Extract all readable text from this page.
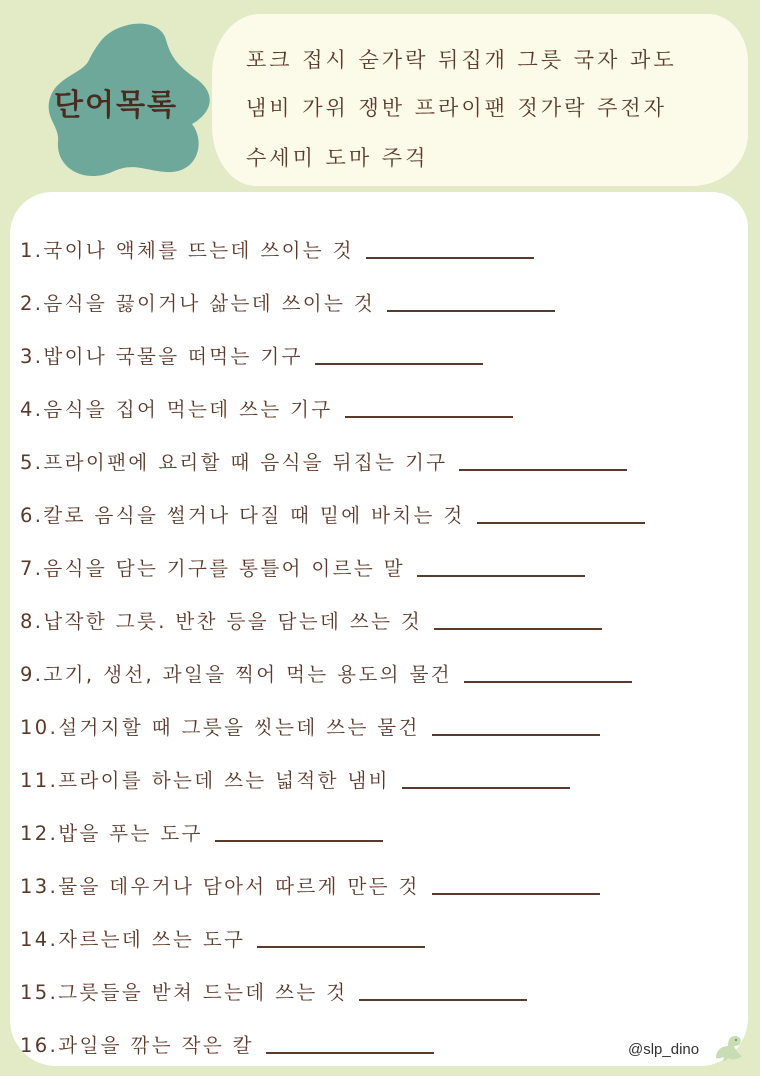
단어목록
포크 접시 숟가락 뒤집개 그릇 국자 과도
냄비 가위 쟁반 프라이팬 젓가락 주전자
수세미 도마 주걱
1.국이나 액체를 뜨는데 쓰이는 것
2.음식을 끓이거나 삶는데 쓰이는 것
3.밥이나 국물을 떠먹는 기구
4.음식을 집어 먹는데 쓰는 기구
5.프라이팬에 요리할 때 음식을 뒤집는 기구
6.칼로 음식을 썰거나 다질 때 밑에 바치는 것
7.음식을 담는 기구를 통틀어 이르는 말
8.납작한 그릇. 반찬 등을 담는데 쓰는 것
9.고기, 생선, 과일을 찍어 먹는 용도의 물건
10.설거지할 때 그릇을 씻는데 쓰는 물건
11.프라이를 하는데 쓰는 넓적한 냄비
12.밥을 푸는 도구
13.물을 데우거나 담아서 따르게 만든 것
14.자르는데 쓰는 도구
15.그릇들을 받쳐 드는데 쓰는 것
16.과일을 깎는 작은 칼	@slp_dino
